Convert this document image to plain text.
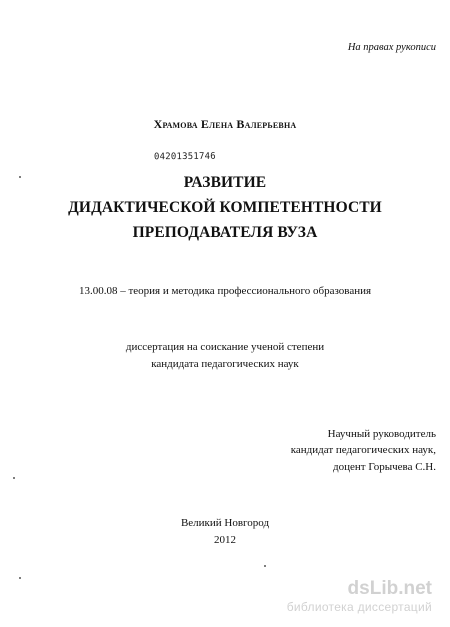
На правах рукописи
Храмова Елена Валерьевна
04201351746
РАЗВИТИЕ
ДИДАКТИЧЕСКОЙ КОМПЕТЕНТНОСТИ
ПРЕПОДАВАТЕЛЯ ВУЗА
13.00.08 – теория и методика профессионального образования
диссертация на соискание ученой степени
кандидата педагогических наук
Научный руководитель
кандидат педагогических наук,
доцент Горычева С.Н.
Великий Новгород
2012
dsLib.net
библиотека диссертаций
